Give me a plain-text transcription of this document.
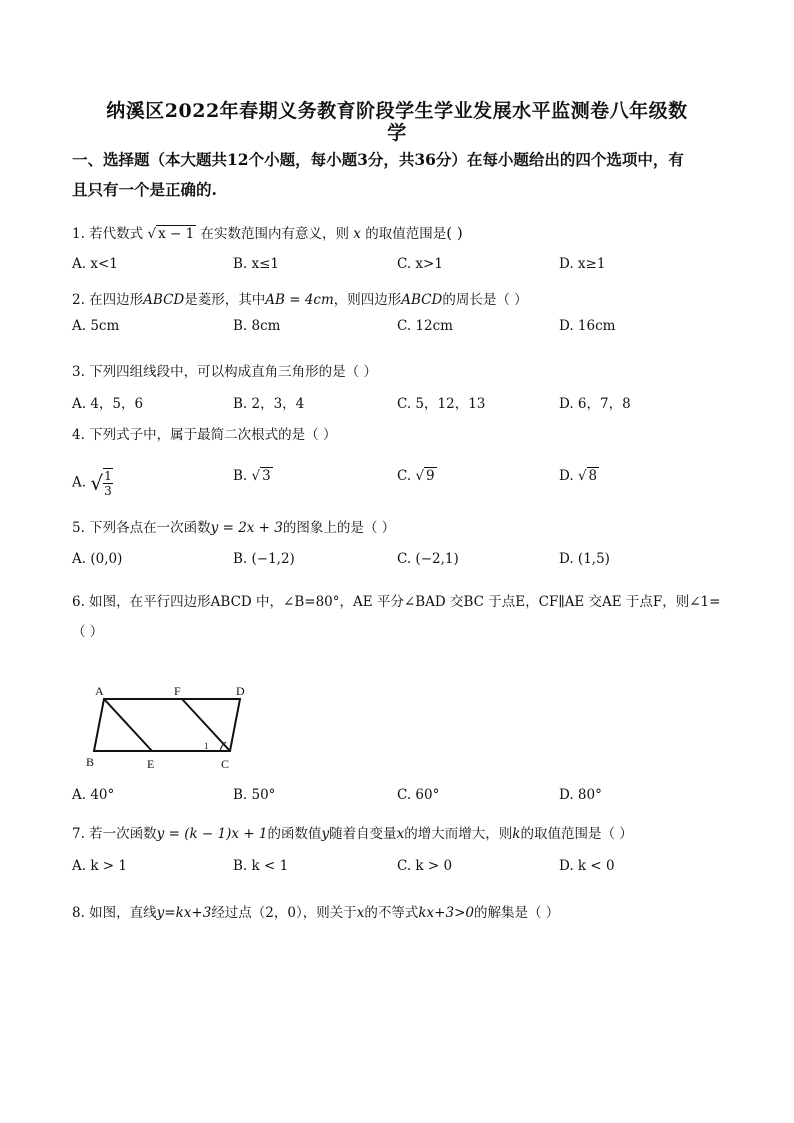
纳溪区2022年春期义务教育阶段学生学业发展水平监测卷八年级数
学
一、选择题（本大题共12个小题，每小题3分，共36分）在每小题给出的四个选项中，有
且只有一个是正确的.
1. 若代数式 √ x − 1 在实数范围内有意义，则 x 的取值范围是( )
A. x<1	B. x≤1	C. x>1	D. x≥1
2. 在四边形ABCD是菱形，其中AB = 4cm，则四边形ABCD的周长是（ ）
A. 5cm	B. 8cm	C. 12cm	D. 16cm
3. 下列四组线段中，可以构成直角三角形的是（ ）
A. 4，5，6	B. 2，3，4	C. 5，12，13	D. 6，7，8
4. 下列式子中，属于最简二次根式的是（ ）
A. √ $\frac{1}{3}$	B. √ 3	C. √ 9	D. √ 8
5. 下列各点在一次函数y = 2x + 3的图象上的是（ ）
A. (0,0)	B. (−1,2)	C. (−2,1)	D. (1,5)
6. 如图，在平行四边形ABCD 中，∠B=80°，AE 平分∠BAD 交BC 于点E，CF∥AE 交AE 于点F，则∠1=
（ ）
A	F	D
B	E	C
1
A. 40°	B. 50°	C. 60°	D. 80°
7. 若一次函数y = (k − 1)x + 1的函数值y随着自变量x的增大而增大，则k的取值范围是（ ）
A. k > 1	B. k < 1	C. k > 0	D. k < 0
8. 如图，直线y=kx+3经过点（2，0），则关于x的不等式kx+3>0的解集是（ ）
